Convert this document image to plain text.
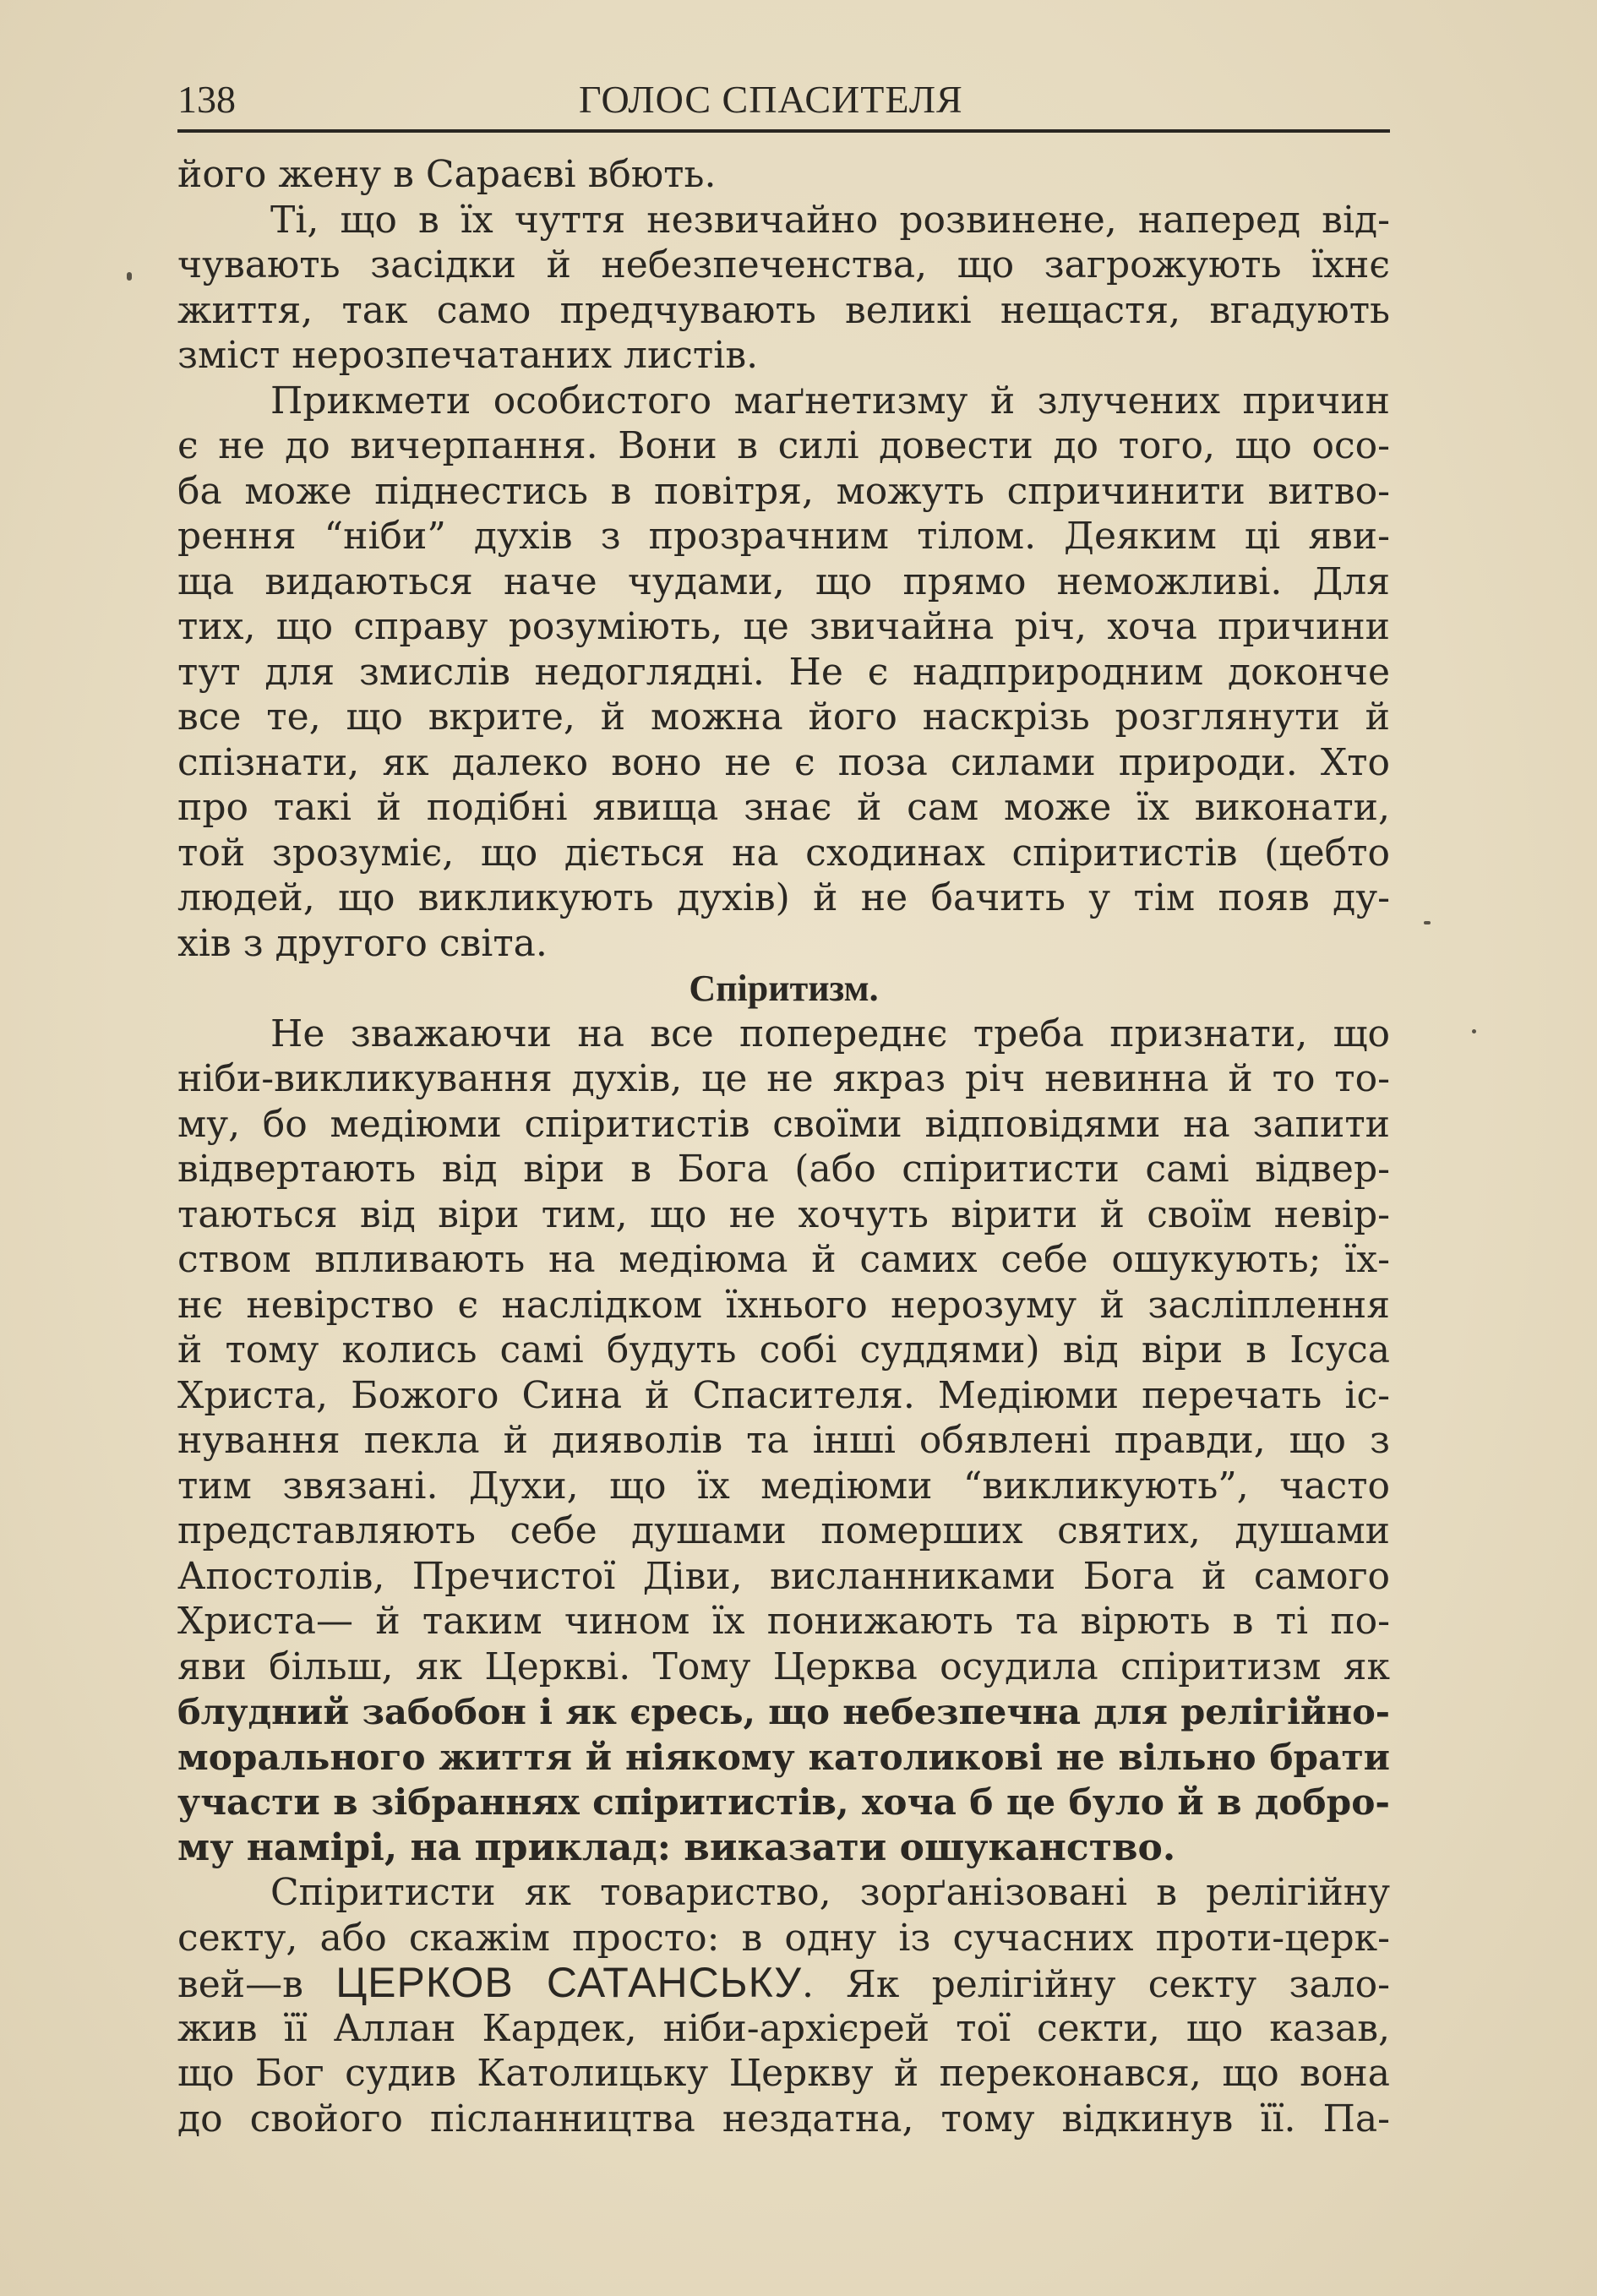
138	ГОЛОС СПАСИТЕЛЯ
його жену в Сараєві вбють.
Ті, що в їх чуття незвичайно розвинене, наперед від-
чувають засідки й небезпеченства, що загрожують їхнє
життя, так само предчувають великі нещастя, вгадують
зміст нерозпечатаних листів.
Прикмети особистого маґнетизму й злучених причин
є не до вичерпання. Вони в силі довести до того, що осо-
ба може піднестись в повітря, можуть спричинити витво-
рення “ніби” духів з прозрачним тілом. Деяким ці яви-
ща видаються наче чудами, що прямо неможливі. Для
тих, що справу розуміють, це звичайна річ, хоча причини
тут для змислів недоглядні. Не є надприродним доконче
все те, що вкрите, й можна його наскрізь розглянути й
спізнати, як далеко воно не є поза силами природи. Хто
про такі й подібні явища знає й сам може їх виконати,
той зрозуміє, що діється на сходинах спіритистів (цебто
людей, що викликують духів) й не бачить у тім появ ду-
хів з другого світа.
Спіритизм.
Не зважаючи на все попереднє треба признати, що
ніби-викликування духів, це не якраз річ невинна й то то-
му, бо медіюми спіритистів своїми відповідями на запити
відвертають від віри в Бога (або спіритисти самі відвер-
таються від віри тим, що не хочуть вірити й своїм невір-
ством впливають на медіюма й самих себе ошукують; їх-
нє невірство є наслідком їхнього нерозуму й засліплення
й тому колись самі будуть собі суддями) від віри в Ісуса
Христа, Божого Сина й Спасителя. Медіюми перечать іс-
нування пекла й дияволів та інші обявлені правди, що з
тим звязані. Духи, що їх медіюми “викликують”, часто
представляють себе душами померших святих, душами
Апостолів, Пречистої Діви, висланниками Бога й самого
Христа— й таким чином їх понижають та вірють в ті по-
яви більш, як Церкві. Тому Церква осудила спіритизм як
блудний забобон і як єресь, що небезпечна для релігійно-
морального життя й ніякому католикові не вільно брати
участи в зібраннях спіритистів, хоча б це було й в добро-
му намірі, на приклад: виказати ошуканство.
Спіритисти як товариство, зорґанізовані в релігійну
секту, або скажім просто: в одну із сучасних проти-церк-
вей—в ЦЕРКОВ САТАНСЬКУ. Як релігійну секту зало-
жив її Аллан Кардек, ніби-архієрей тої секти, що казав,
що Бог судив Католицьку Церкву й переконався, що вона
до свойого післанництва нездатна, тому відкинув її. Па-
